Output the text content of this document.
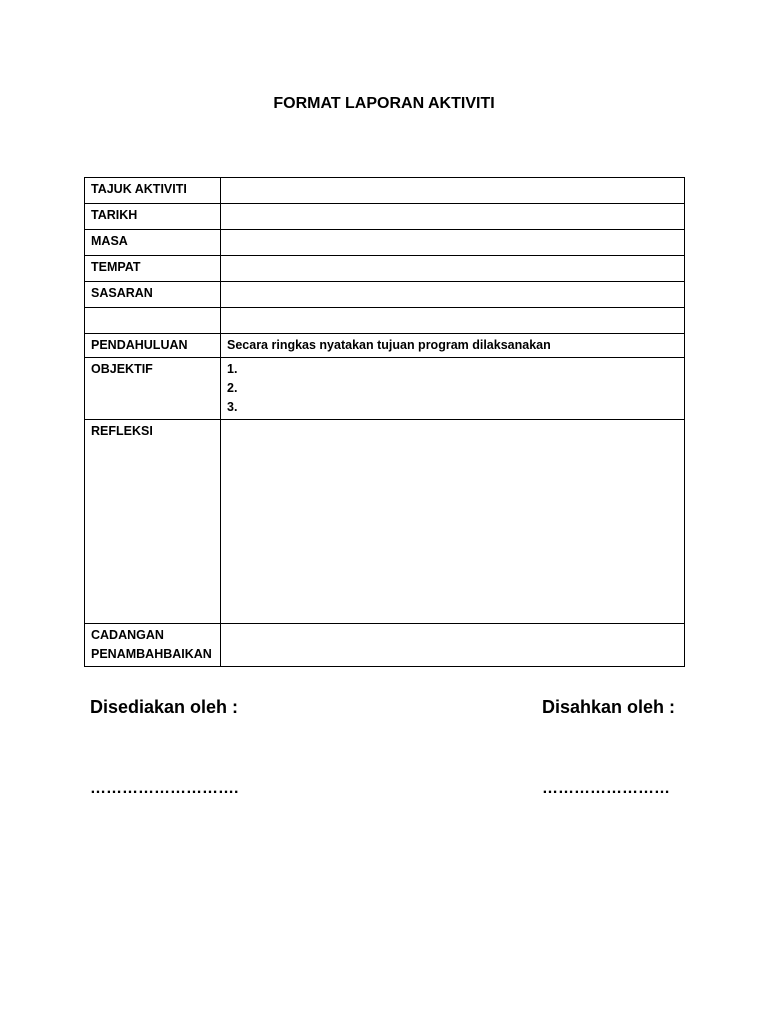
FORMAT LAPORAN AKTIVITI
TAJUK AKTIVITI	
TARIKH	
MASA	
TEMPAT	
SASARAN	

PENDAHULUAN	Secara ringkas nyatakan tujuan program dilaksanakan
OBJEKTIF	1.
2.
3.

REFLEKSI	

CADANGAN
PENAMBAHBAIKAN	

Disediakan oleh :	Disahkan oleh :
……………………….	……………………
